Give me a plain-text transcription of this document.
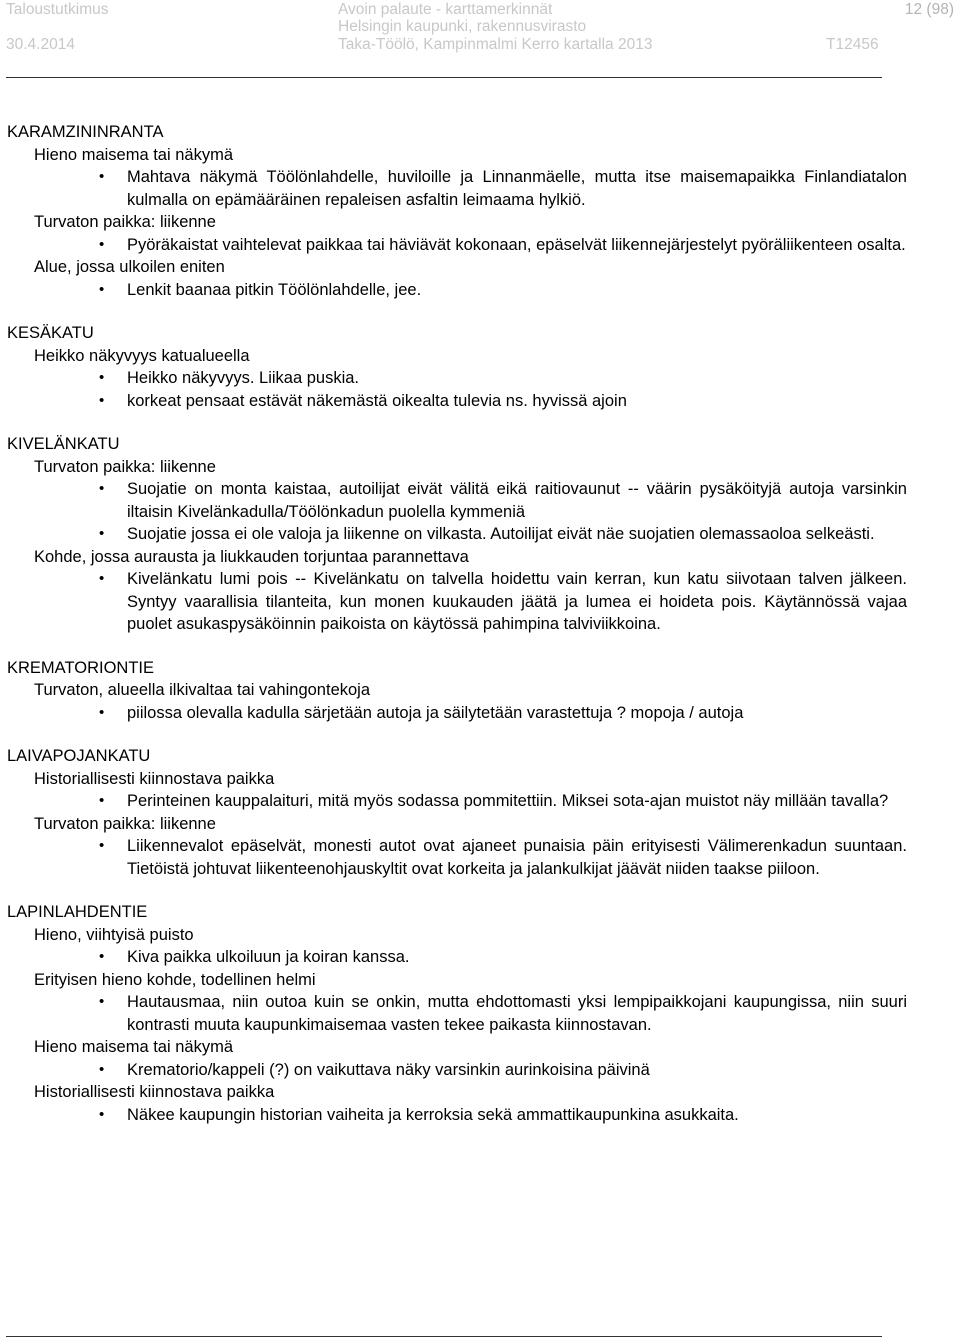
Taloustutkimus
30.4.2014
Avoin palaute - karttamerkinnät
Helsingin kaupunki, rakennusvirasto
Taka-Töölö, Kampinmalmi Kerro kartalla 2013
12 (98)
T12456
KARAMZININRANTA
Hieno maisema tai näkymä
• Mahtava näkymä Töölönlahdelle, huviloille ja Linnanmäelle, mutta itse maisemapaikka Finlandiatalon kulmalla on epämääräinen repaleisen asfaltin leimaama hylkiö.
Turvaton paikka: liikenne
• Pyöräkaistat vaihtelevat paikkaa tai häviävät kokonaan, epäselvät liikennejärjestelyt pyöräliikenteen osalta.
Alue, jossa ulkoilen eniten
• Lenkit baanaa pitkin Töölönlahdelle, jee.
KESÄKATU
Heikko näkyvyys katualueella
• Heikko näkyvyys. Liikaa puskia.
• korkeat pensaat estävät näkemästä oikealta tulevia ns. hyvissä ajoin
KIVELÄNKATU
Turvaton paikka: liikenne
• Suojatie on monta kaistaa, autoilijat eivät välitä eikä raitiovaunut -- väärin pysäköityjä autoja varsinkin iltaisin Kivelänkadulla/Töölönkadun puolella kymmeniä
• Suojatie jossa ei ole valoja ja liikenne on vilkasta. Autoilijat eivät näe suojatien olemassaoloa selkeästi.
Kohde, jossa aurausta ja liukkauden torjuntaa parannettava
• Kivelänkatu lumi pois -- Kivelänkatu on talvella hoidettu vain kerran, kun katu siivotaan talven jälkeen. Syntyy vaarallisia tilanteita, kun monen kuukauden jäätä ja lumea ei hoideta pois. Käytännössä vajaa puolet asukaspysäköinnin paikoista on käytössä pahimpina talviviikkoina.
KREMATORIONTIE
Turvaton, alueella ilkivaltaa tai vahingontekoja
• piilossa olevalla kadulla särjetään autoja ja säilytetään varastettuja ? mopoja / autoja
LAIVAPOJANKATU
Historiallisesti kiinnostava paikka
• Perinteinen kauppalaituri, mitä myös sodassa pommitettiin. Miksei sota-ajan muistot näy millään tavalla?
Turvaton paikka: liikenne
• Liikennevalot epäselvät, monesti autot ovat ajaneet punaisia päin erityisesti Välimerenkadun suuntaan. Tietöistä johtuvat liikenteenohjauskyltit ovat korkeita ja jalankulkijat jäävät niiden taakse piiloon.
LAPINLAHDENTIE
Hieno, viihtyisä puisto
• Kiva paikka ulkoiluun ja koiran kanssa.
Erityisen hieno kohde, todellinen helmi
• Hautausmaa, niin outoa kuin se onkin, mutta ehdottomasti yksi lempipaikkojani kaupungissa, niin suuri kontrasti muuta kaupunkimaisemaa vasten tekee paikasta kiinnostavan.
Hieno maisema tai näkymä
• Krematorio/kappeli (?) on vaikuttava näky varsinkin aurinkoisina päivinä
Historiallisesti kiinnostava paikka
• Näkee kaupungin historian vaiheita ja kerroksia sekä ammattikaupunkina asukkaita.
